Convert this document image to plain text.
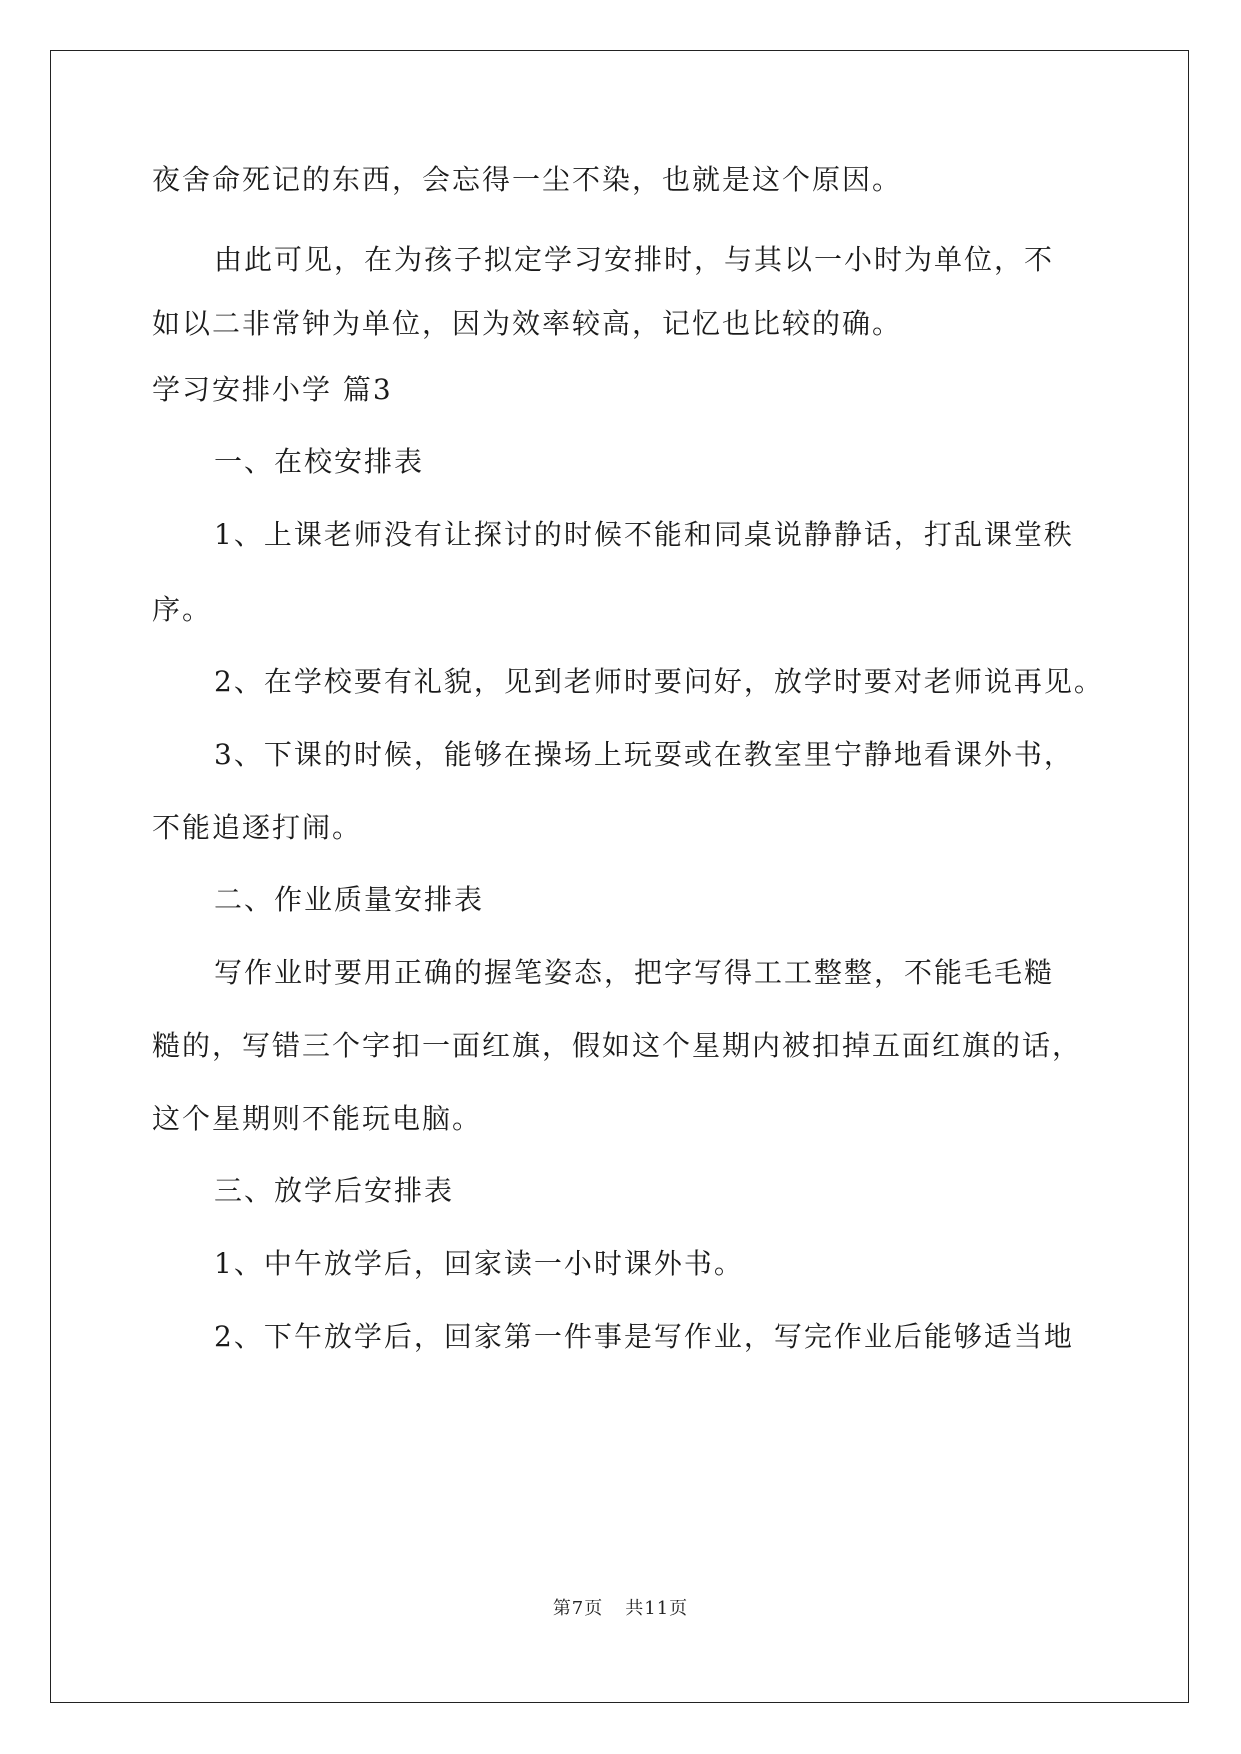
夜舍命死记的东西，会忘得一尘不染，也就是这个原因。
由此可见，在为孩子拟定学习安排时，与其以一小时为单位，不
如以二非常钟为单位，因为效率较高，记忆也比较的确。
学习安排小学 篇3
一、在校安排表
1、上课老师没有让探讨的时候不能和同桌说静静话，打乱课堂秩
序。
2、在学校要有礼貌，见到老师时要问好，放学时要对老师说再见。
3、下课的时候，能够在操场上玩耍或在教室里宁静地看课外书，
不能追逐打闹。
二、作业质量安排表
写作业时要用正确的握笔姿态，把字写得工工整整，不能毛毛糙
糙的，写错三个字扣一面红旗，假如这个星期内被扣掉五面红旗的话，
这个星期则不能玩电脑。
三、放学后安排表
1、中午放学后，回家读一小时课外书。
2、下午放学后，回家第一件事是写作业，写完作业后能够适当地
第7页 共11页
